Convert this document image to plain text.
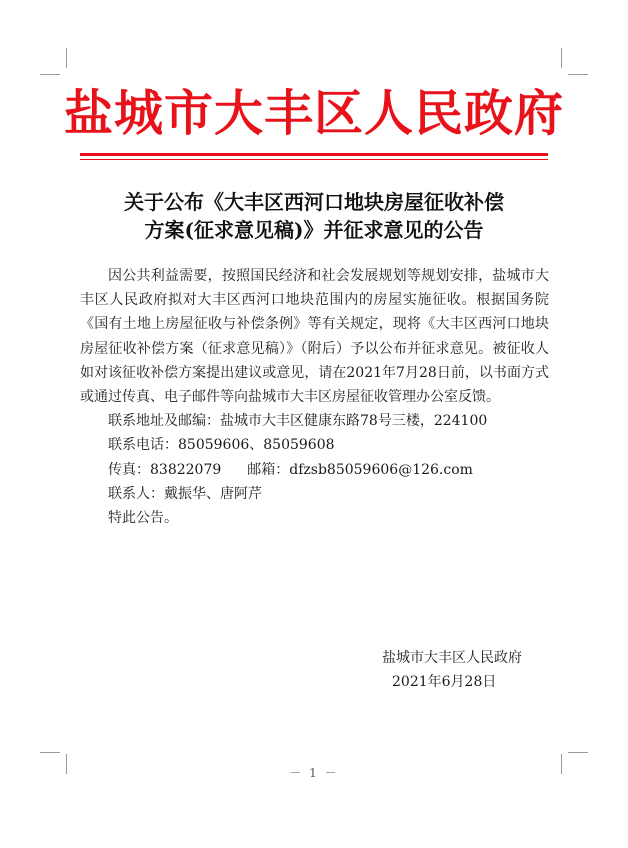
盐城市大丰区人民政府
关于公布《大丰区西河口地块房屋征收补偿
方案(征求意见稿)》并征求意见的公告

因公共利益需要，按照国民经济和社会发展规划等规划安排，盐城市大丰区人民政府拟对大丰区西河口地块范围内的房屋实施征收。根据国务院《国有土地上房屋征收与补偿条例》等有关规定，现将《大丰区西河口地块房屋征收补偿方案（征求意见稿）》（附后）予以公布并征求意见。被征收人如对该征收补偿方案提出建议或意见，请在2021年7月28日前，以书面方式或通过传真、电子邮件等向盐城市大丰区房屋征收管理办公室反馈。

联系地址及邮编：盐城市大丰区健康东路78号三楼，224100

联系电话：85059606、85059608

传真：83822079 邮箱：dfzsb85059606@126.com

联系人：戴振华、唐阿芹

特此公告。

盐城市大丰区人民政府
2021年6月28日
－ 1 －
